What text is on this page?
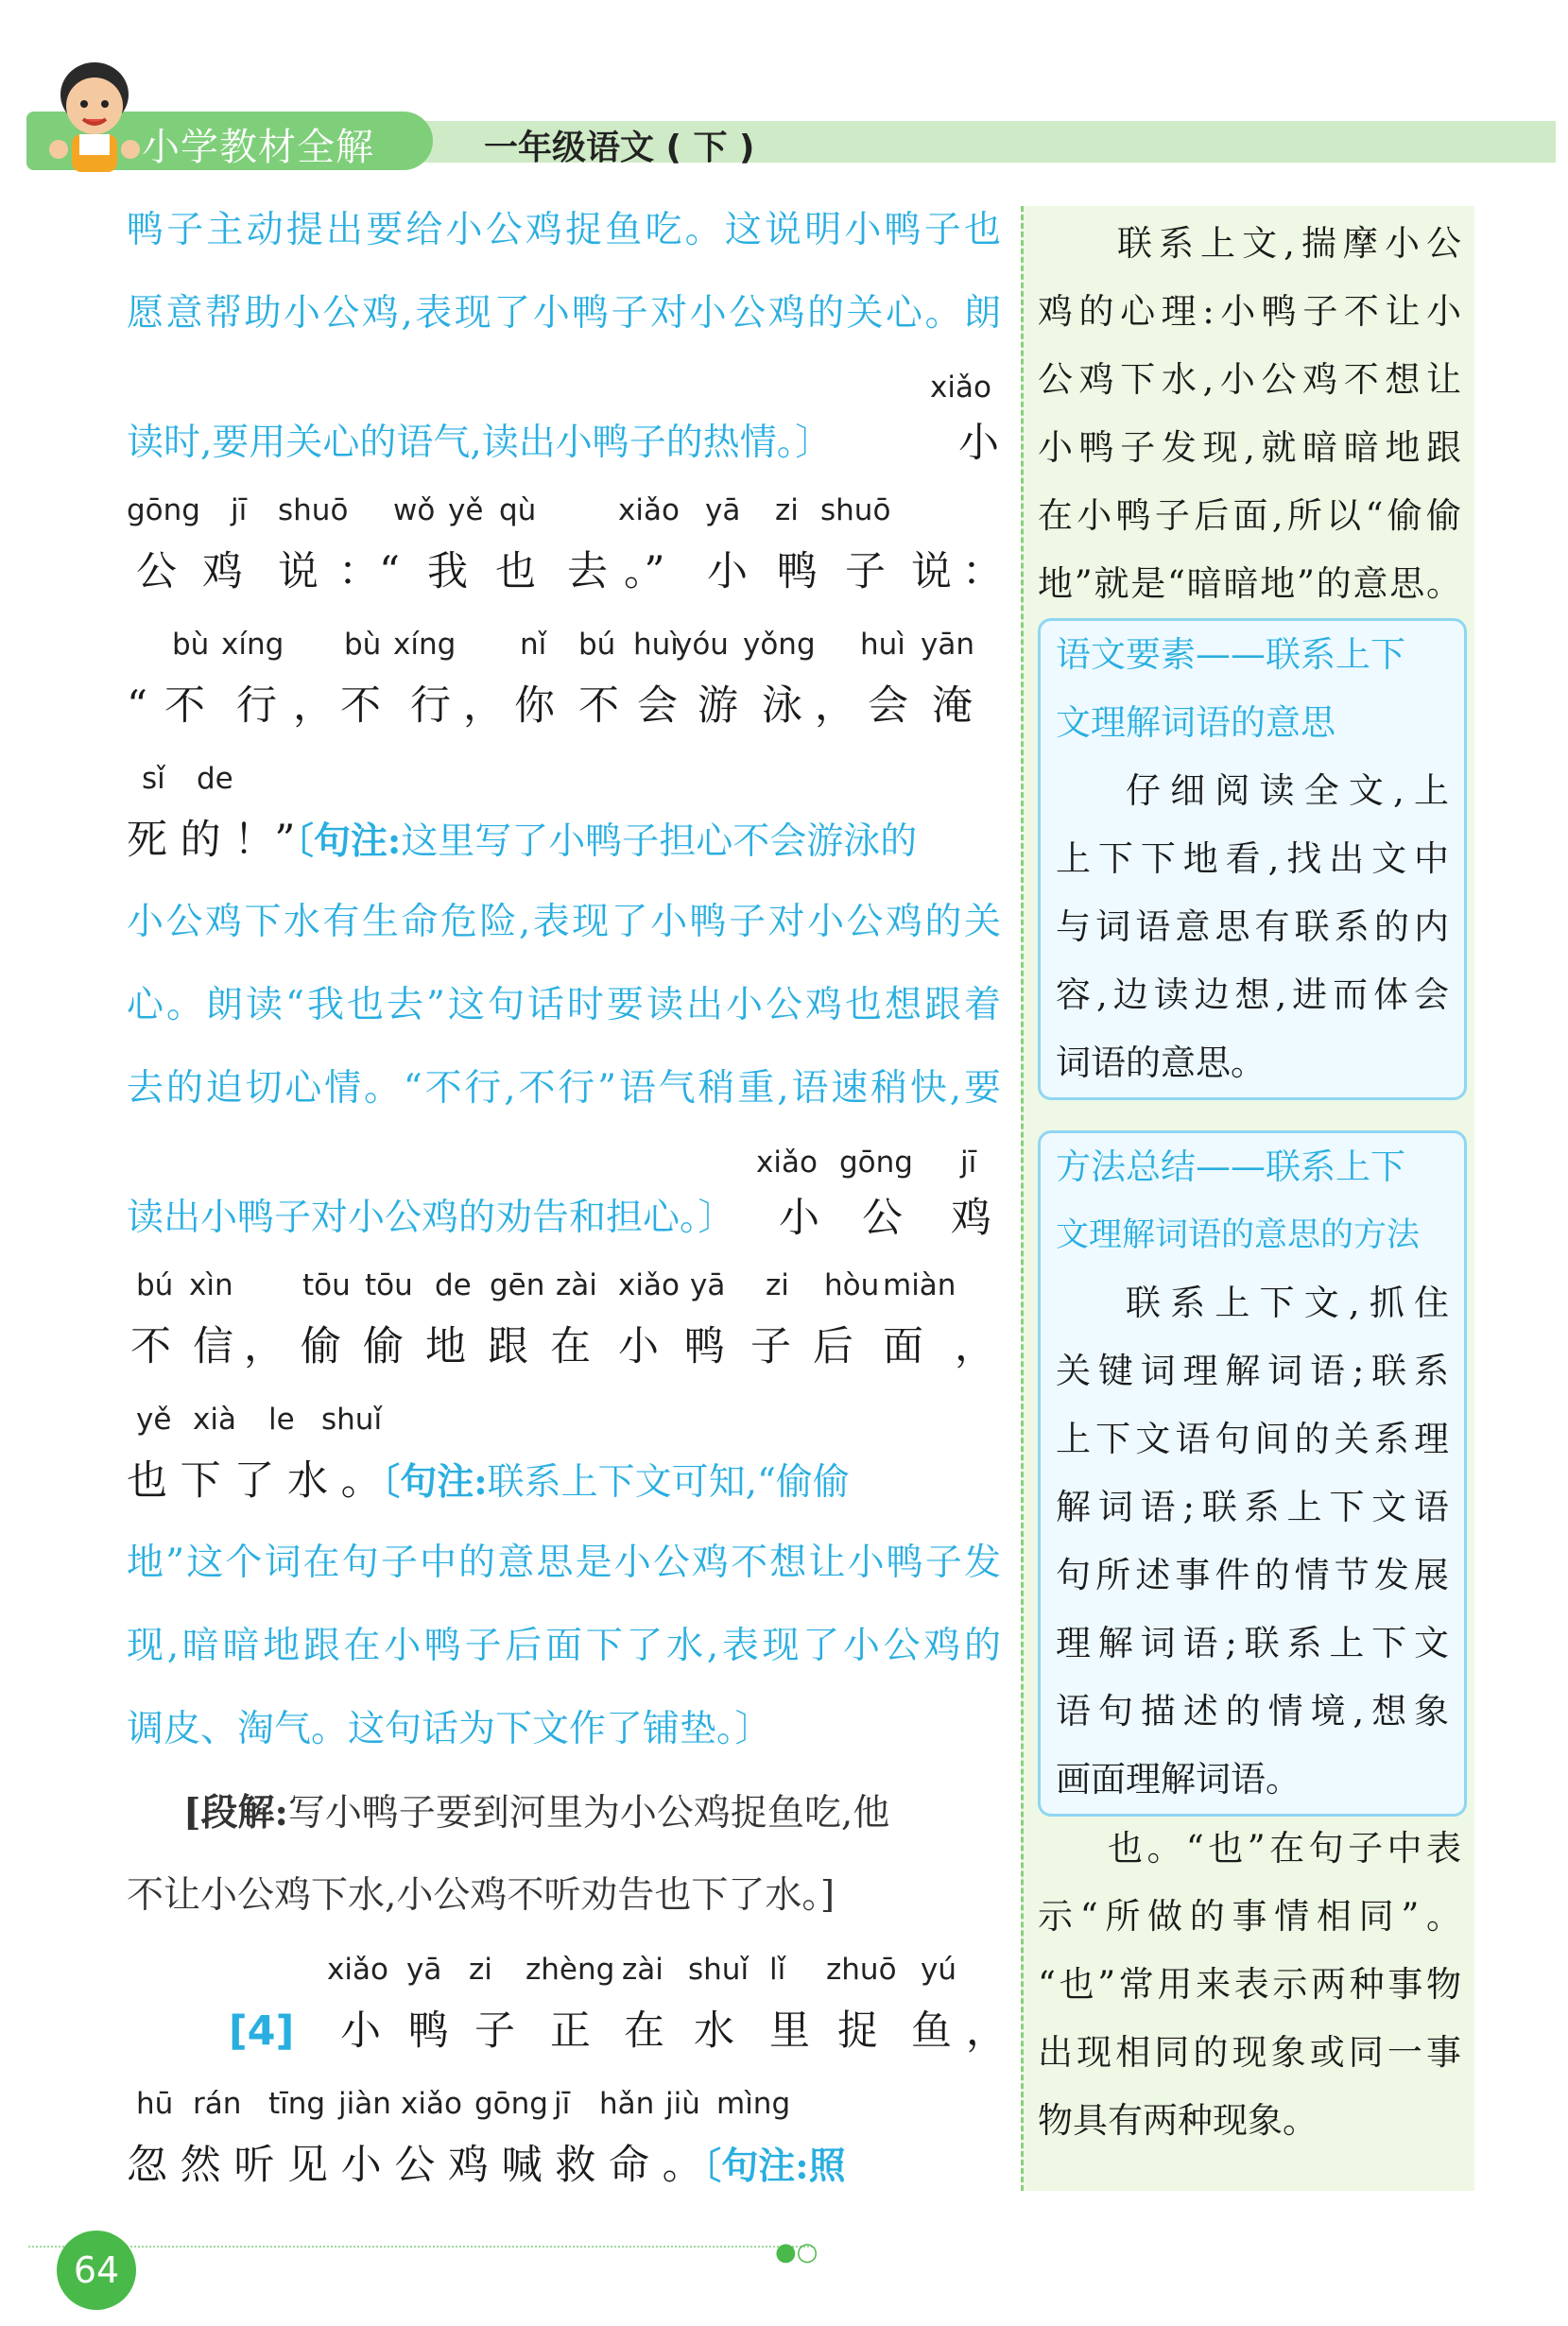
小学教材全解	一年级语文 ( 下 )
鸭子主动提出要给小公鸡捉鱼吃。这说明小鸭子也
愿意帮助小公鸡,表现了小鸭子对小公鸡的关心。朗
xiǎo
读时,要用关心的语气,读出小鸭子的热情。〕	小
gōng jī shuō wǒ yě qù	xiǎo yā zi shuō
公 鸡 说 ：“ 我 也 去 。” 小 鸭 子 说 ：
bù xíng bù xíng nǐ bú huì
yóu yǒng huì yān
“ 不 行 ， 不 行 ， 你 不 会 游 泳 ， 会 淹
sǐ de
死 的 ！”〔句注:这里写了小鸭子担心不会游泳的
小公鸡下水有生命危险,表现了小鸭子对小公鸡的关
心。朗读“我也去”这句话时要读出小公鸡也想跟着
去的迫切心情。“不行,不行”语气稍重,语速稍快,要
xiǎo gōng jī
读出小鸭子对小公鸡的劝告和担心。〕 小 公 鸡
bú xìn tōu tōu de gēn zài xiǎo yā zi hòu miàn
不 信 ， 偷 偷 地 跟 在 小 鸭 子 后 面 ，
yě xià le shuǐ
也 下 了 水 。〔句注:联系上下文可知,“偷偷
地”这个词在句子中的意思是小公鸡不想让小鸭子发
现,暗暗地跟在小鸭子后面下了水,表现了小公鸡的
调皮、淘气。这句话为下文作了铺垫。〕
[段解:写小鸭子要到河里为小公鸡捉鱼吃,他
不让小公鸡下水,小公鸡不听劝告也下了水。]
xiǎo yā zi zhèng zài shuǐ lǐ zhuō yú
[4] 小 鸭 子 正 在 水 里 捉 鱼 ，
hū rán tīng jiàn xiǎo gōng jī hǎn jiù mìng
忽 然 听 见 小 公 鸡 喊 救 命 。〔句注:照
联系上文,揣摩小公
鸡的心理:小鸭子不让小
公鸡下水,小公鸡不想让
小鸭子发现,就暗暗地跟
在小鸭子后面,所以“偷偷
地”就是“暗暗地”的意思。
语文要素——联系上下
文理解词语的意思
仔细阅读全文,上
上下下地看,找出文中
与词语意思有联系的内
容,边读边想,进而体会
词语的意思。
方法总结——联系上下
文理解词语的意思的方法
联系上下文,抓住
关键词理解词语;联系
上下文语句间的关系理
解词语;联系上下文语
句所述事件的情节发展
理解词语;联系上下文
语句描述的情境,想象
画面理解词语。
也。“也”在句子中表
示“所做的事情相同”。
“也”常用来表示两种事物
出现相同的现象或同一事
物具有两种现象。
●○
64
